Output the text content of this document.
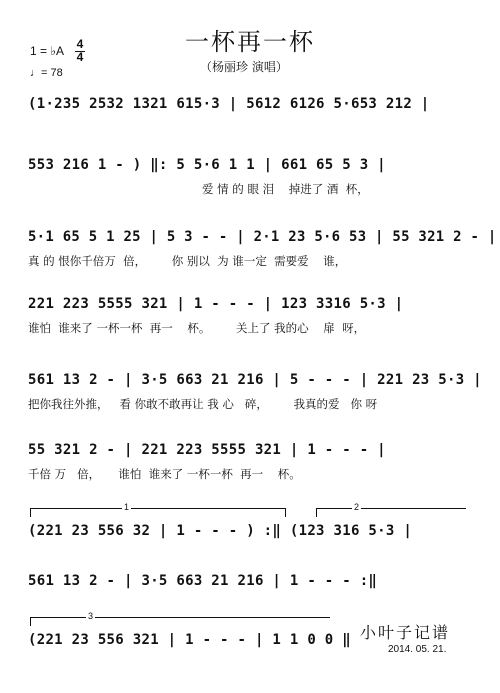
一杯再一杯
（杨丽珍 演唱）
1 = ♭A 4
4
♩= 78
(1·235 2532 1321 615·3 | 5612 6126 5·653 212 |
553 216 1 - ) ‖: 5 5·6 1 1 | 661 65 5 3 |
爱 情 的 眼 泪    掉进了 酒  杯，
5·1 65 5 1 25 | 5 3 - - | 2·1 23 5·6 53 | 55 321 2 - |
真 的 恨你千倍万  倍，       你 别以  为 谁一定  需要爱    谁，
221 223 5555 321 | 1 - - - | 123 3316 5·3 |
谁怕  谁来了 一杯一杯  再一    杯。       关上了 我的心    扉  呀，
561 13 2 - | 3·5 663 21 216 | 5 - - - | 221 23 5·3 |
把你我往外推，   看 你敢不敢再让 我 心   碎，       我真的爱   你 呀
55 321 2 - | 221 223 5555 321 | 1 - - - |
千倍 万   倍，     谁怕  谁来了 一杯一杯  再一    杯。
1	2
(221 23 556 32 | 1 - - - ) :‖ (123 316 5·3 |
561 13 2 - | 3·5 663 21 216 | 1 - - - :‖
3
(221 23 556 321 | 1 - - - | 1 1 0 0 ‖ 小叶子记谱
2014. 05. 21.
